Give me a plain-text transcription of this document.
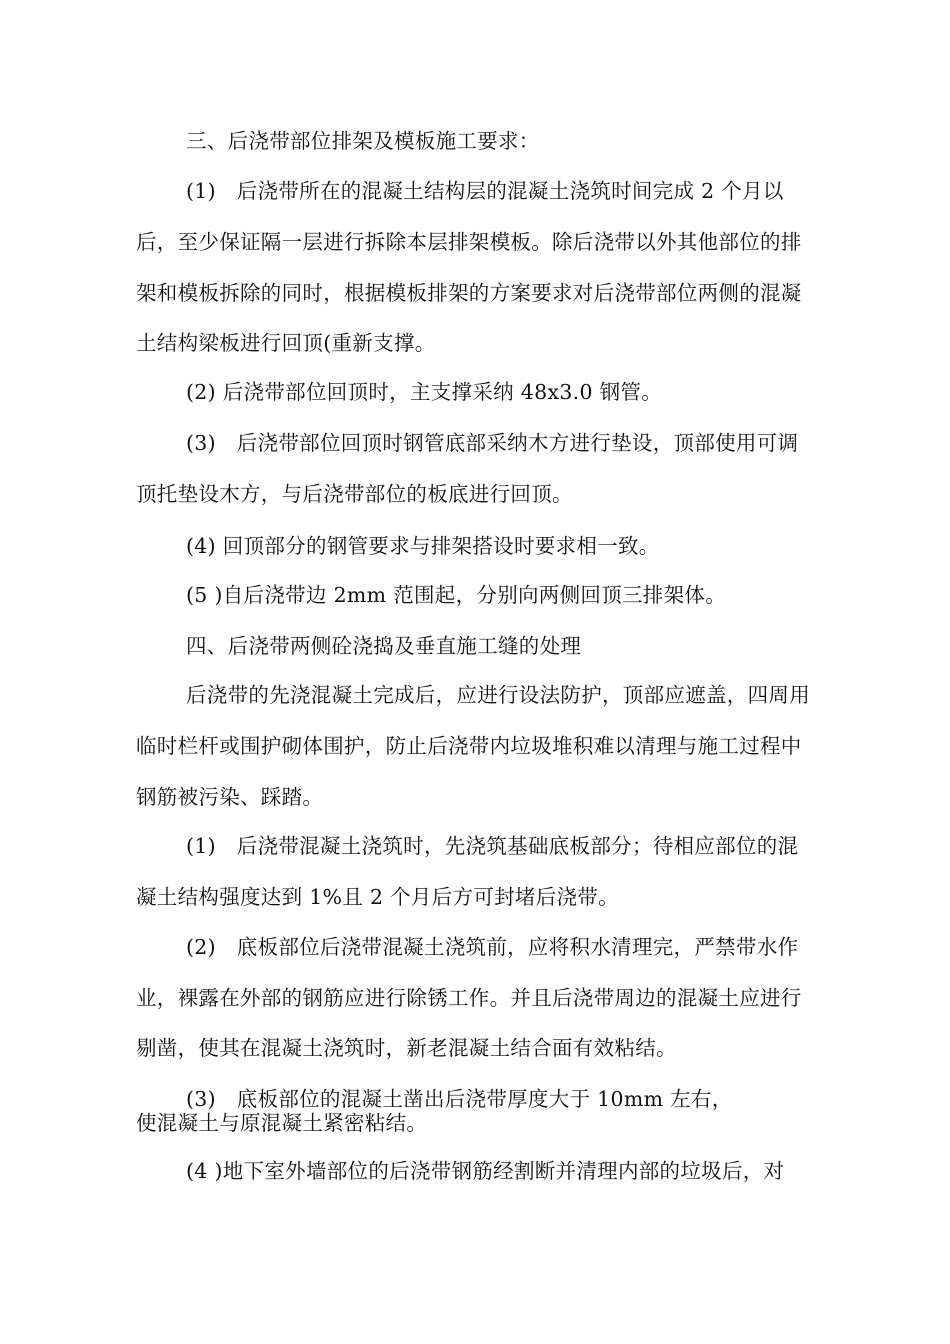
三、后浇带部位排架及模板施工要求：
(1)　后浇带所在的混凝土结构层的混凝土浇筑时间完成 2 个月以
后，至少保证隔一层进行拆除本层排架模板。除后浇带以外其他部位的排
架和模板拆除的同时，根据模板排架的方案要求对后浇带部位两侧的混凝
土结构梁板进行回顶(重新支撑。
(2) 后浇带部位回顶时，主支撑采纳 48x3.0 钢管。
(3)　后浇带部位回顶时钢管底部采纳木方进行垫设，顶部使用可调
顶托垫设木方，与后浇带部位的板底进行回顶。
(4) 回顶部分的钢管要求与排架搭设时要求相一致。
(5 )自后浇带边 2mm 范围起，分别向两侧回顶三排架体。
四、后浇带两侧砼浇捣及垂直施工缝的处理
后浇带的先浇混凝土完成后，应进行设法防护，顶部应遮盖，四周用
临时栏杆或围护砌体围护，防止后浇带内垃圾堆积难以清理与施工过程中
钢筋被污染、踩踏。
(1)　后浇带混凝土浇筑时，先浇筑基础底板部分；待相应部位的混
凝土结构强度达到 1%且 2 个月后方可封堵后浇带。
(2)　底板部位后浇带混凝土浇筑前，应将积水清理完，严禁带水作
业，裸露在外部的钢筋应进行除锈工作。并且后浇带周边的混凝土应进行
剔凿，使其在混凝土浇筑时，新老混凝土结合面有效粘结。
(3)　底板部位的混凝土凿出后浇带厚度大于 10mm 左右，
使混凝土与原混凝土紧密粘结。
(4 )地下室外墙部位的后浇带钢筋经割断并清理内部的垃圾后，对
